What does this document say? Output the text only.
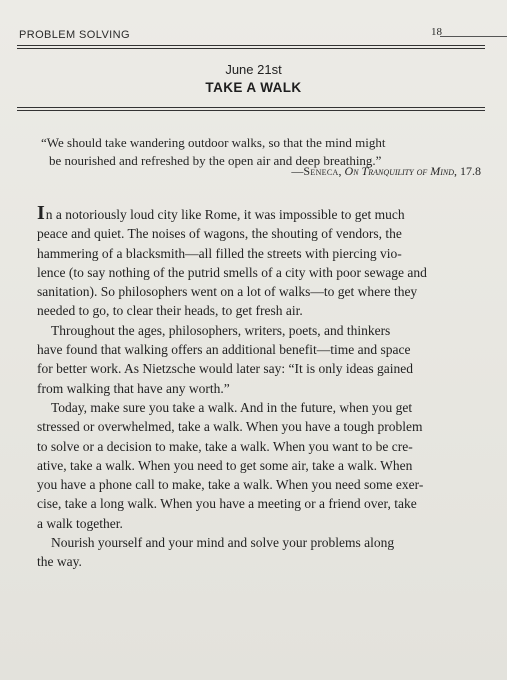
PROBLEM SOLVING	18
June 21st
TAKE A WALK
“We should take wandering outdoor walks, so that the mind might
be nourished and refreshed by the open air and deep breathing.”
—Seneca, On Tranquility of Mind, 17.8

In a notoriously loud city like Rome, it was impossible to get much
peace and quiet. The noises of wagons, the shouting of vendors, the
hammering of a blacksmith—all filled the streets with piercing vio-
lence (to say nothing of the putrid smells of a city with poor sewage and
sanitation). So philosophers went on a lot of walks—to get where they
needed to go, to clear their heads, to get fresh air.

Throughout the ages, philosophers, writers, poets, and thinkers
have found that walking offers an additional benefit—time and space
for better work. As Nietzsche would later say: “It is only ideas gained
from walking that have any worth.”

Today, make sure you take a walk. And in the future, when you get
stressed or overwhelmed, take a walk. When you have a tough problem
to solve or a decision to make, take a walk. When you want to be cre-
ative, take a walk. When you need to get some air, take a walk. When
you have a phone call to make, take a walk. When you need some exer-
cise, take a long walk. When you have a meeting or a friend over, take
a walk together.

Nourish yourself and your mind and solve your problems along
the way.
